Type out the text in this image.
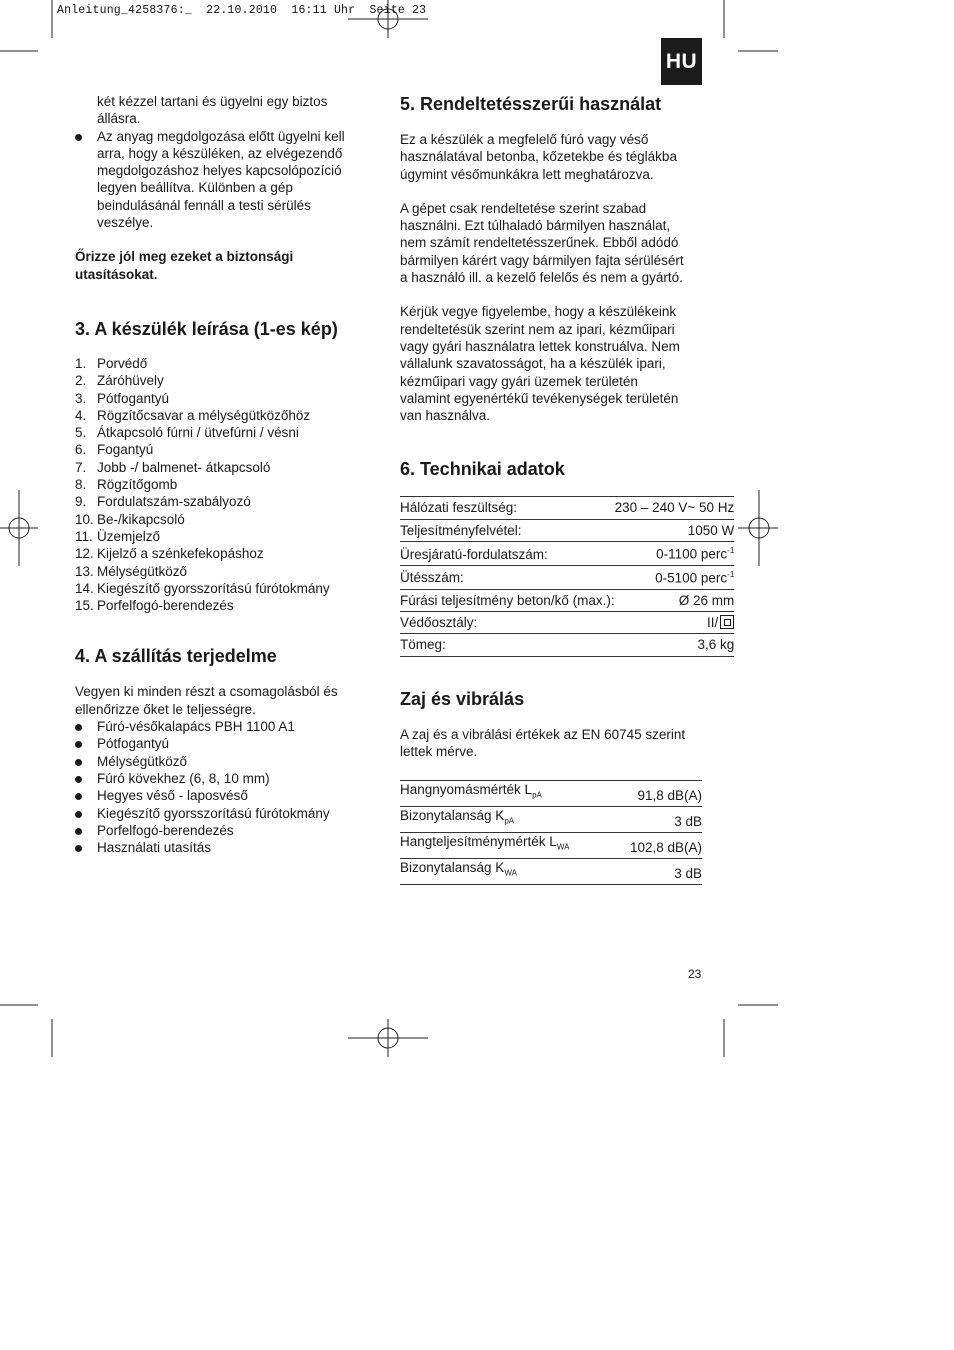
Anleitung_4258376:_  22.10.2010  16:11 Uhr  Seite 23
HU

két kézzel tartani és ügyelni egy biztos

állásra.

Az anyag megdolgozása előtt ügyelni kell

arra, hogy a készüléken, az elvégezendő

megdolgozáshoz helyes kapcsolópozíció

legyen beállítva. Különben a gép

beindulásánál fennáll a testi sérülés

veszélye.

Őrizze jól meg ezeket a biztonsági

utasításokat.

3. A készülék leírása (1-es kép)
1. Porvédő
2. Záróhüvely
3. Pótfogantyú
4. Rögzítőcsavar a mélységütközőhöz
5. Átkapcsoló fúrni / ütvefúrni / vésni
6. Fogantyú
7. Jobb -/ balmenet- átkapcsoló
8. Rögzítőgomb
9. Fordulatszám-szabályozó
10. Be-/kikapcsoló
11. Üzemjelző
12. Kijelző a szénkefekopáshoz
13. Mélységütköző
14. Kiegészítő gyorsszorítású fúrótokmány
15. Porfelfogó-berendezés
4. A szállítás terjedelme

Vegyen ki minden részt a csomagolásból és

ellenőrizze őket le teljességre.

Fúró-vésőkalapács PBH 1100 A1
Pótfogantyú
Mélységütköző
Fúró kövekhez (6, 8, 10 mm)
Hegyes véső - laposvéső
Kiegészítő gyorsszorítású fúrótokmány
Porfelfogó-berendezés
Használati utasítás
5. Rendeltetésszerűi használat

Ez a készülék a megfelelő fúró vagy véső

használatával betonba, kőzetekbe és téglákba

úgymint vésőmunkákra lett meghatározva.

A gépet csak rendeltetése szerint szabad

használni. Ezt túlhaladó bármilyen használat,

nem számít rendeltetésszerűnek. Ebből adódó

bármilyen kárért vagy bármilyen fajta sérülésért

a használó ill. a kezelő felelős és nem a gyártó.

Kérjük vegye figyelembe, hogy a készülékeink

rendeltetésük szerint nem az ipari, kézműipari

vagy gyári használatra lettek konstruálva. Nem

vállalunk szavatosságot, ha a készülék ipari,

kézműipari vagy gyári üzemek területén

valamint egyenértékű tevékenységek területén

van használva.

6. Technikai adatok
Hálózati feszültség:	230 – 240 V~ 50 Hz
Teljesítményfelvétel:	1050 W
Üresjáratú-fordulatszám:	0-1100 perc$^{-1}$
Ütésszám:	0-5100 perc$^{-1}$
Fúrási teljesítmény beton/kő (max.):	Ø 26 mm
Védőosztály:	II/
Tömeg:	3,6 kg
Zaj és vibrálás

A zaj és a vibrálási értékek az EN 60745 szerint

lettek mérve.

Hangnyomásmérték $L_{pA}$	91,8 dB(A)
Bizonytalanság $K_{pA}$	3 dB
Hangteljesítménymérték $L_{WA}$	102,8 dB(A)
Bizonytalanság $K_{WA}$	3 dB
23
